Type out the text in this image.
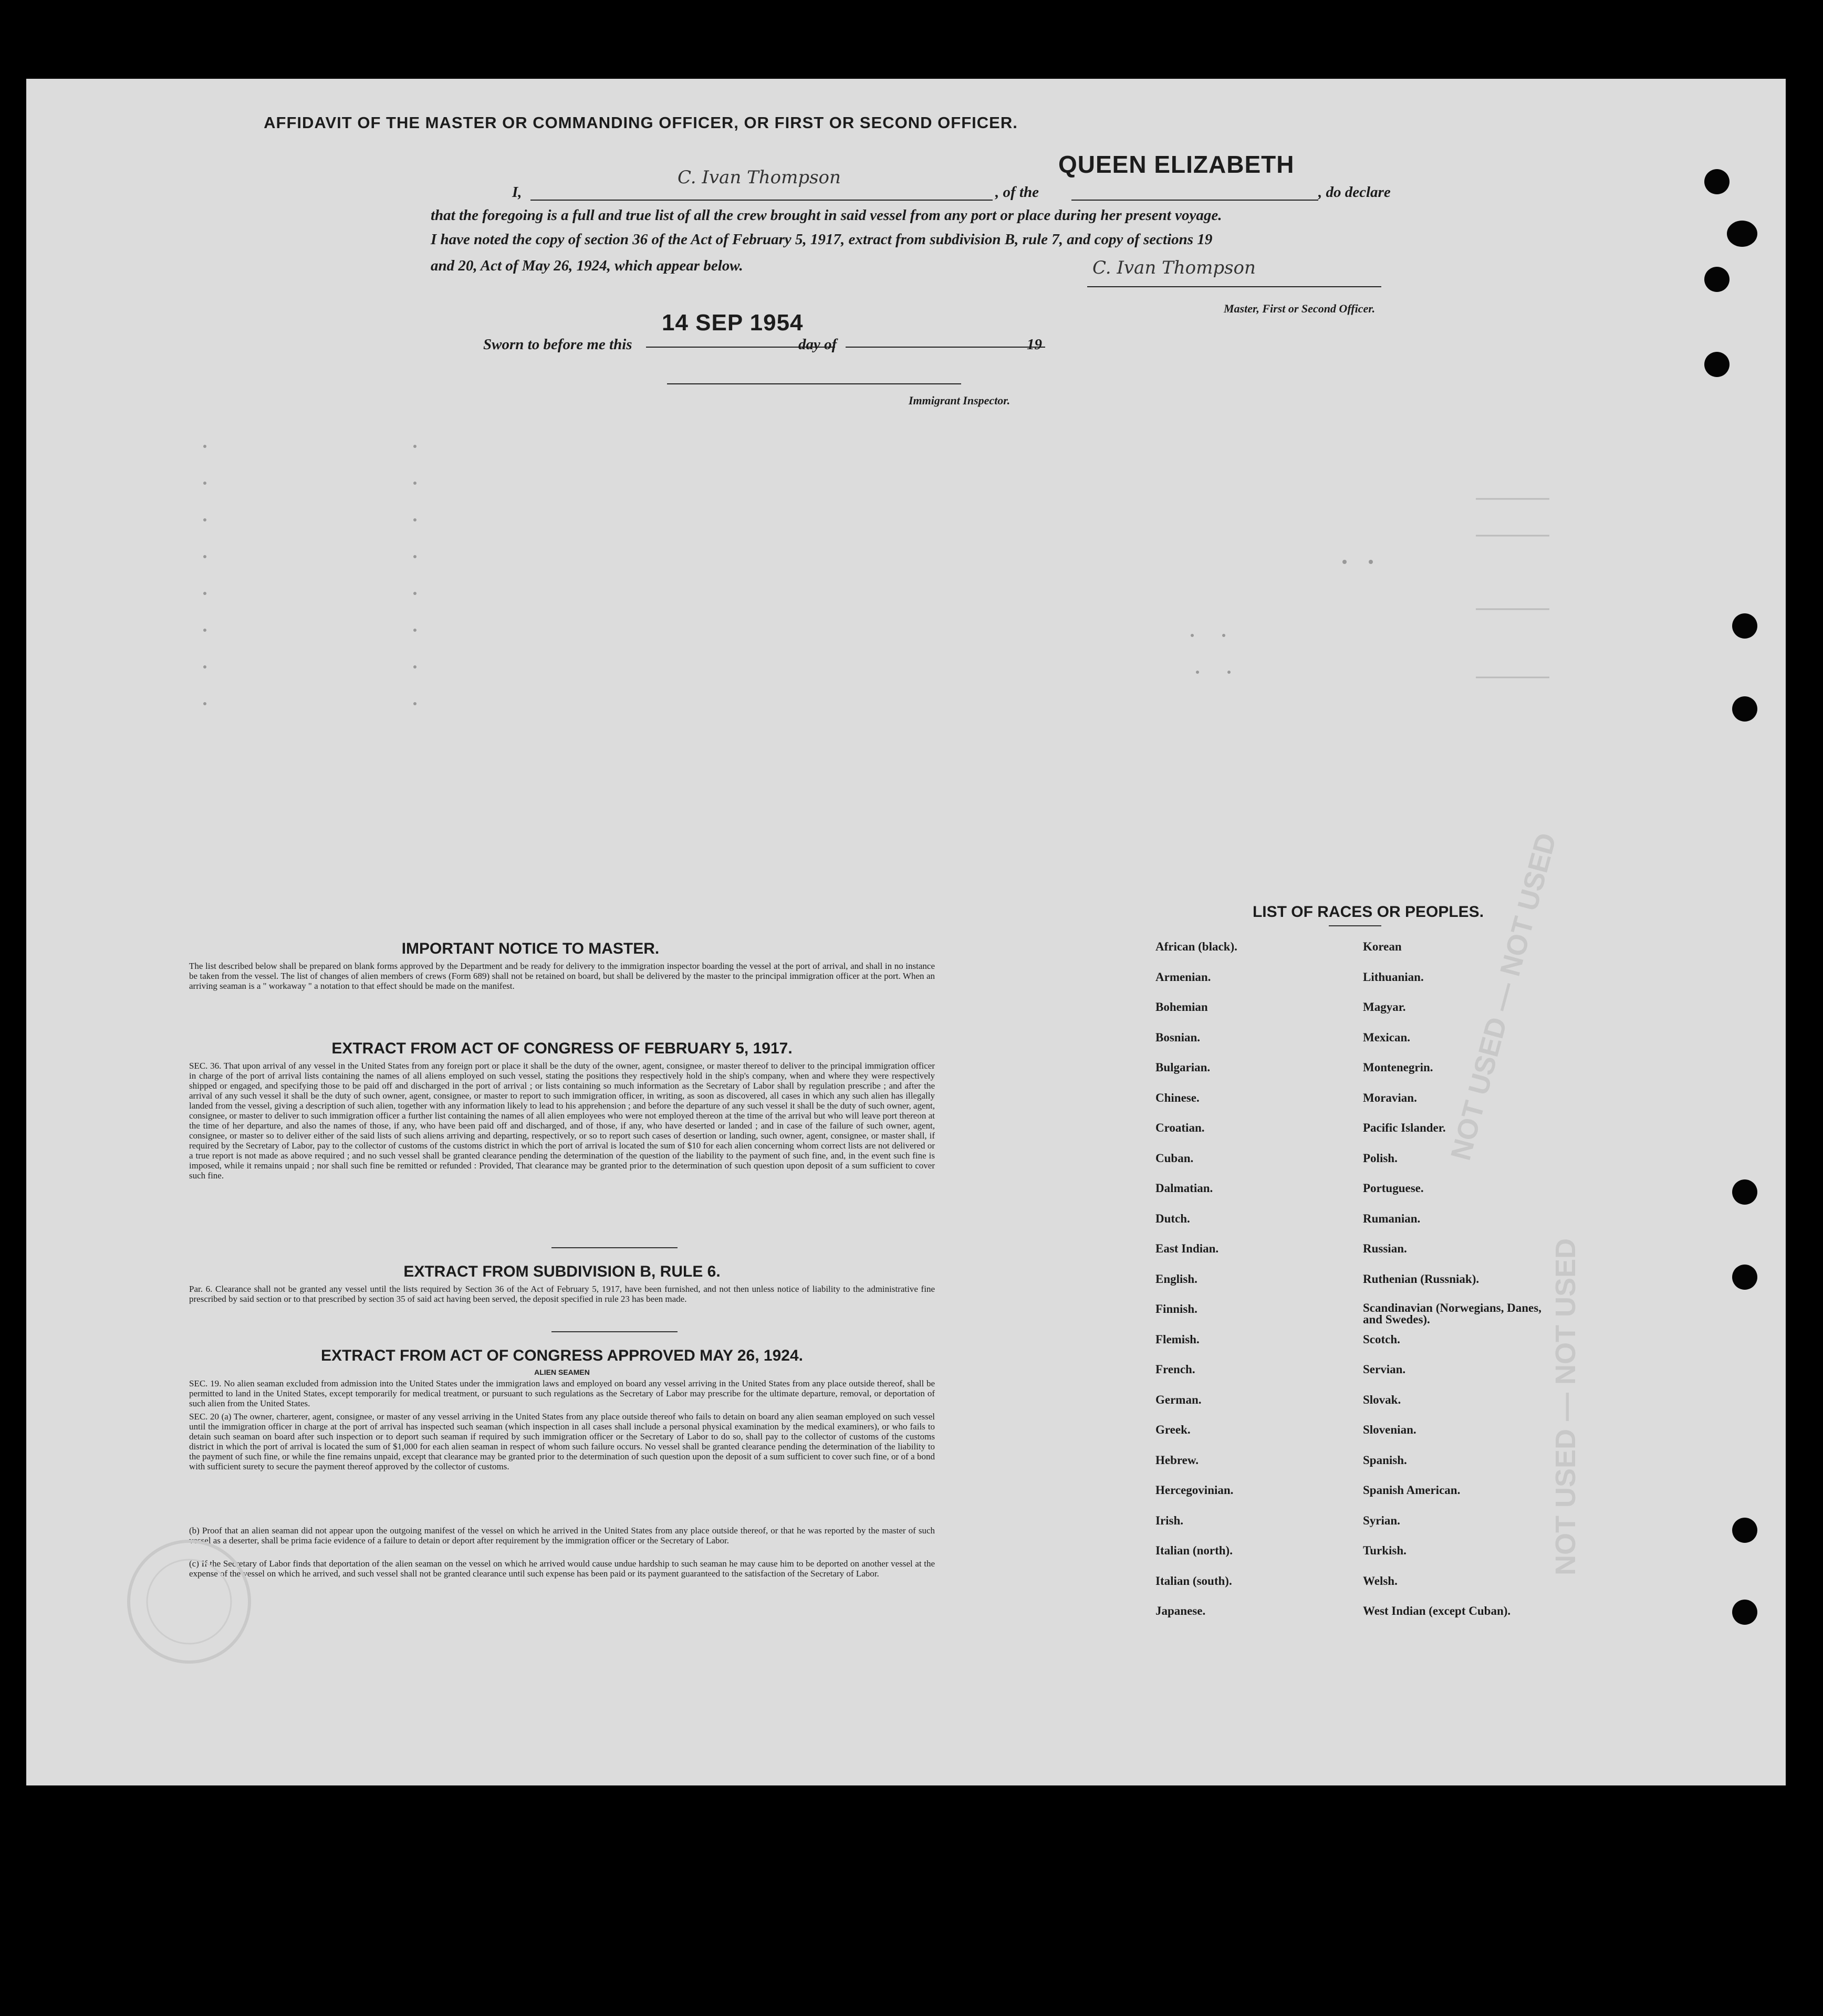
AFFIDAVIT OF THE MASTER OR COMMANDING OFFICER, OR FIRST OR SECOND OFFICER.
I,
C. Ivan Thompson
, of the
QUEEN ELIZABETH
, do declare
that the foregoing is a full and true list of all the crew brought in said vessel from any port or place during her present voyage.
I have noted the copy of section 36 of the Act of February 5, 1917, extract from subdivision B, rule 7, and copy of sections 19
and 20, Act of May 26, 1924, which appear below.	C. Ivan Thompson
Master, First or Second Officer.
Sworn to before me this
14 SEP 1954
day of	19
Immigrant Inspector.
IMPORTANT NOTICE TO MASTER.
The list described below shall be prepared on blank forms approved by the Department and be ready for delivery to the immigration inspector boarding the vessel at the port of arrival, and shall in no instance be taken from the vessel. The list of changes of alien members of crews (Form 689) shall not be retained on board, but shall be delivered by the master to the principal immigration officer at the port. When an arriving seaman is a " workaway " a notation to that effect should be made on the manifest.
EXTRACT FROM ACT OF CONGRESS OF FEBRUARY 5, 1917.
SEC. 36. That upon arrival of any vessel in the United States from any foreign port or place it shall be the duty of the owner, agent, consignee, or master thereof to deliver to the principal immigration officer in charge of the port of arrival lists containing the names of all aliens employed on such vessel, stating the positions they respectively hold in the ship's company, when and where they were respectively shipped or engaged, and specifying those to be paid off and discharged in the port of arrival ; or lists containing so much information as the Secretary of Labor shall by regulation prescribe ; and after the arrival of any such vessel it shall be the duty of such owner, agent, consignee, or master to report to such immigration officer, in writing, as soon as discovered, all cases in which any such alien has illegally landed from the vessel, giving a description of such alien, together with any information likely to lead to his apprehension ; and before the departure of any such vessel it shall be the duty of such owner, agent, consignee, or master to deliver to such immigration officer a further list containing the names of all alien employees who were not employed thereon at the time of the arrival but who will leave port thereon at the time of her departure, and also the names of those, if any, who have been paid off and discharged, and of those, if any, who have deserted or landed ; and in case of the failure of such owner, agent, consignee, or master so to deliver either of the said lists of such aliens arriving and departing, respectively, or so to report such cases of desertion or landing, such owner, agent, consignee, or master shall, if required by the Secretary of Labor, pay to the collector of customs of the customs district in which the port of arrival is located the sum of $10 for each alien concerning whom correct lists are not delivered or a true report is not made as above required ; and no such vessel shall be granted clearance pending the determination of the question of the liability to the payment of such fine, and, in the event such fine is imposed, while it remains unpaid ; nor shall such fine be remitted or refunded : Provided, That clearance may be granted prior to the determination of such question upon deposit of a sum sufficient to cover such fine.
EXTRACT FROM SUBDIVISION B, RULE 6.
Par. 6. Clearance shall not be granted any vessel until the lists required by Section 36 of the Act of February 5, 1917, have been furnished, and not then unless notice of liability to the administrative fine prescribed by said section or to that prescribed by section 35 of said act having been served, the deposit specified in rule 23 has been made.
EXTRACT FROM ACT OF CONGRESS APPROVED MAY 26, 1924.
ALIEN SEAMEN
SEC. 19. No alien seaman excluded from admission into the United States under the immigration laws and employed on board any vessel arriving in the United States from any place outside thereof, shall be permitted to land in the United States, except temporarily for medical treatment, or pursuant to such regulations as the Secretary of Labor may prescribe for the ultimate departure, removal, or deportation of such alien from the United States.
SEC. 20 (a) The owner, charterer, agent, consignee, or master of any vessel arriving in the United States from any place outside thereof who fails to detain on board any alien seaman employed on such vessel until the immigration officer in charge at the port of arrival has inspected such seaman (which inspection in all cases shall include a personal physical examination by the medical examiners), or who fails to detain such seaman on board after such inspection or to deport such seaman if required by such immigration officer or the Secretary of Labor to do so, shall pay to the collector of customs of the customs district in which the port of arrival is located the sum of $1,000 for each alien seaman in respect of whom such failure occurs. No vessel shall be granted clearance pending the determination of the liability to the payment of such fine, or while the fine remains unpaid, except that clearance may be granted prior to the determination of such question upon the deposit of a sum sufficient to cover such fine, or of a bond with sufficient surety to secure the payment thereof approved by the collector of customs.
(b) Proof that an alien seaman did not appear upon the outgoing manifest of the vessel on which he arrived in the United States from any place outside thereof, or that he was reported by the master of such vessel as a deserter, shall be prima facie evidence of a failure to detain or deport after requirement by the immigration officer or the Secretary of Labor.
(c) If the Secretary of Labor finds that deportation of the alien seaman on the vessel on which he arrived would cause undue hardship to such seaman he may cause him to be deported on another vessel at the expense of the vessel on which he arrived, and such vessel shall not be granted clearance until such expense has been paid or its payment guaranteed to the satisfaction of the Secretary of Labor.
LIST OF RACES OR PEOPLES.
African (black).
Armenian.
Bohemian
Bosnian.
Bulgarian.
Chinese.
Croatian.
Cuban.
Dalmatian.
Dutch.
East Indian.
English.
Finnish.
Flemish.
French.
German.
Greek.
Hebrew.
Hercegovinian.
Irish.
Italian (north).
Italian (south).
Japanese.
Korean
Lithuanian.
Magyar.
Mexican.
Montenegrin.
Moravian.
Pacific Islander.
Polish.
Portuguese.
Rumanian.
Russian.
Ruthenian (Russniak).
Scandinavian (Norwegians, Danes, and Swedes).
Scotch.
Servian.
Slovak.
Slovenian.
Spanish.
Spanish American.
Syrian.
Turkish.
Welsh.
West Indian (except Cuban).
NOT USED — NOT USED
NOT USED — NOT USED
